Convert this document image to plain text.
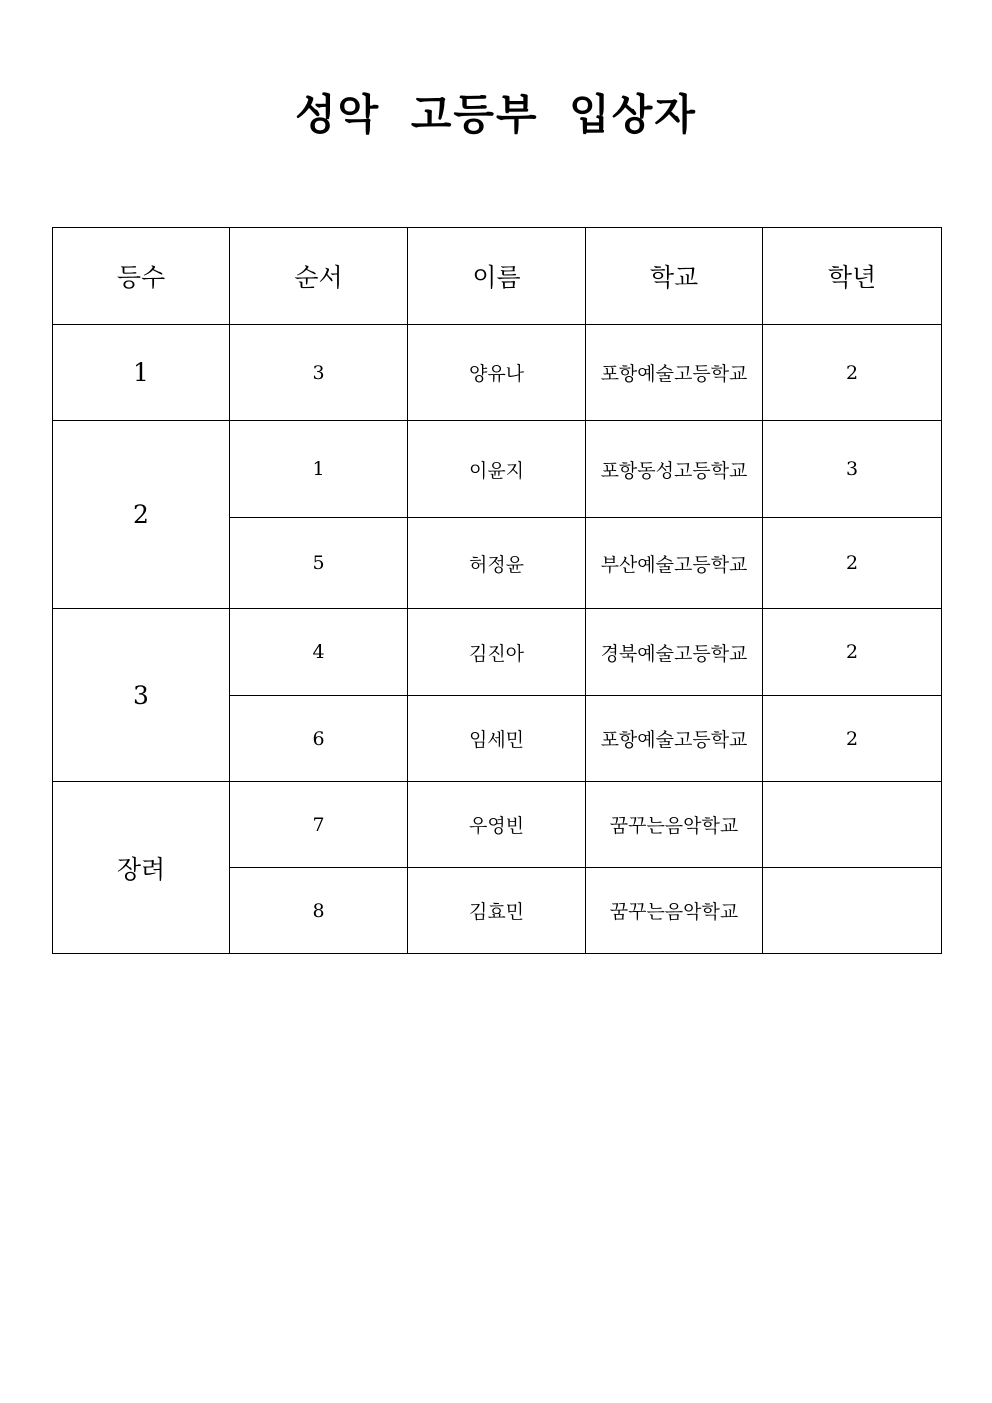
성악 고등부 입상자
등수	순서	이름	학교	학년
1	3	양유나	포항예술고등학교	2
2	1	이윤지	포항동성고등학교	3
	5	허정윤	부산예술고등학교	2
3	4	김진아	경북예술고등학교	2
	6	임세민	포항예술고등학교	2
장려	7	우영빈	꿈꾸는음악학교	
	8	김효민	꿈꾸는음악학교	
